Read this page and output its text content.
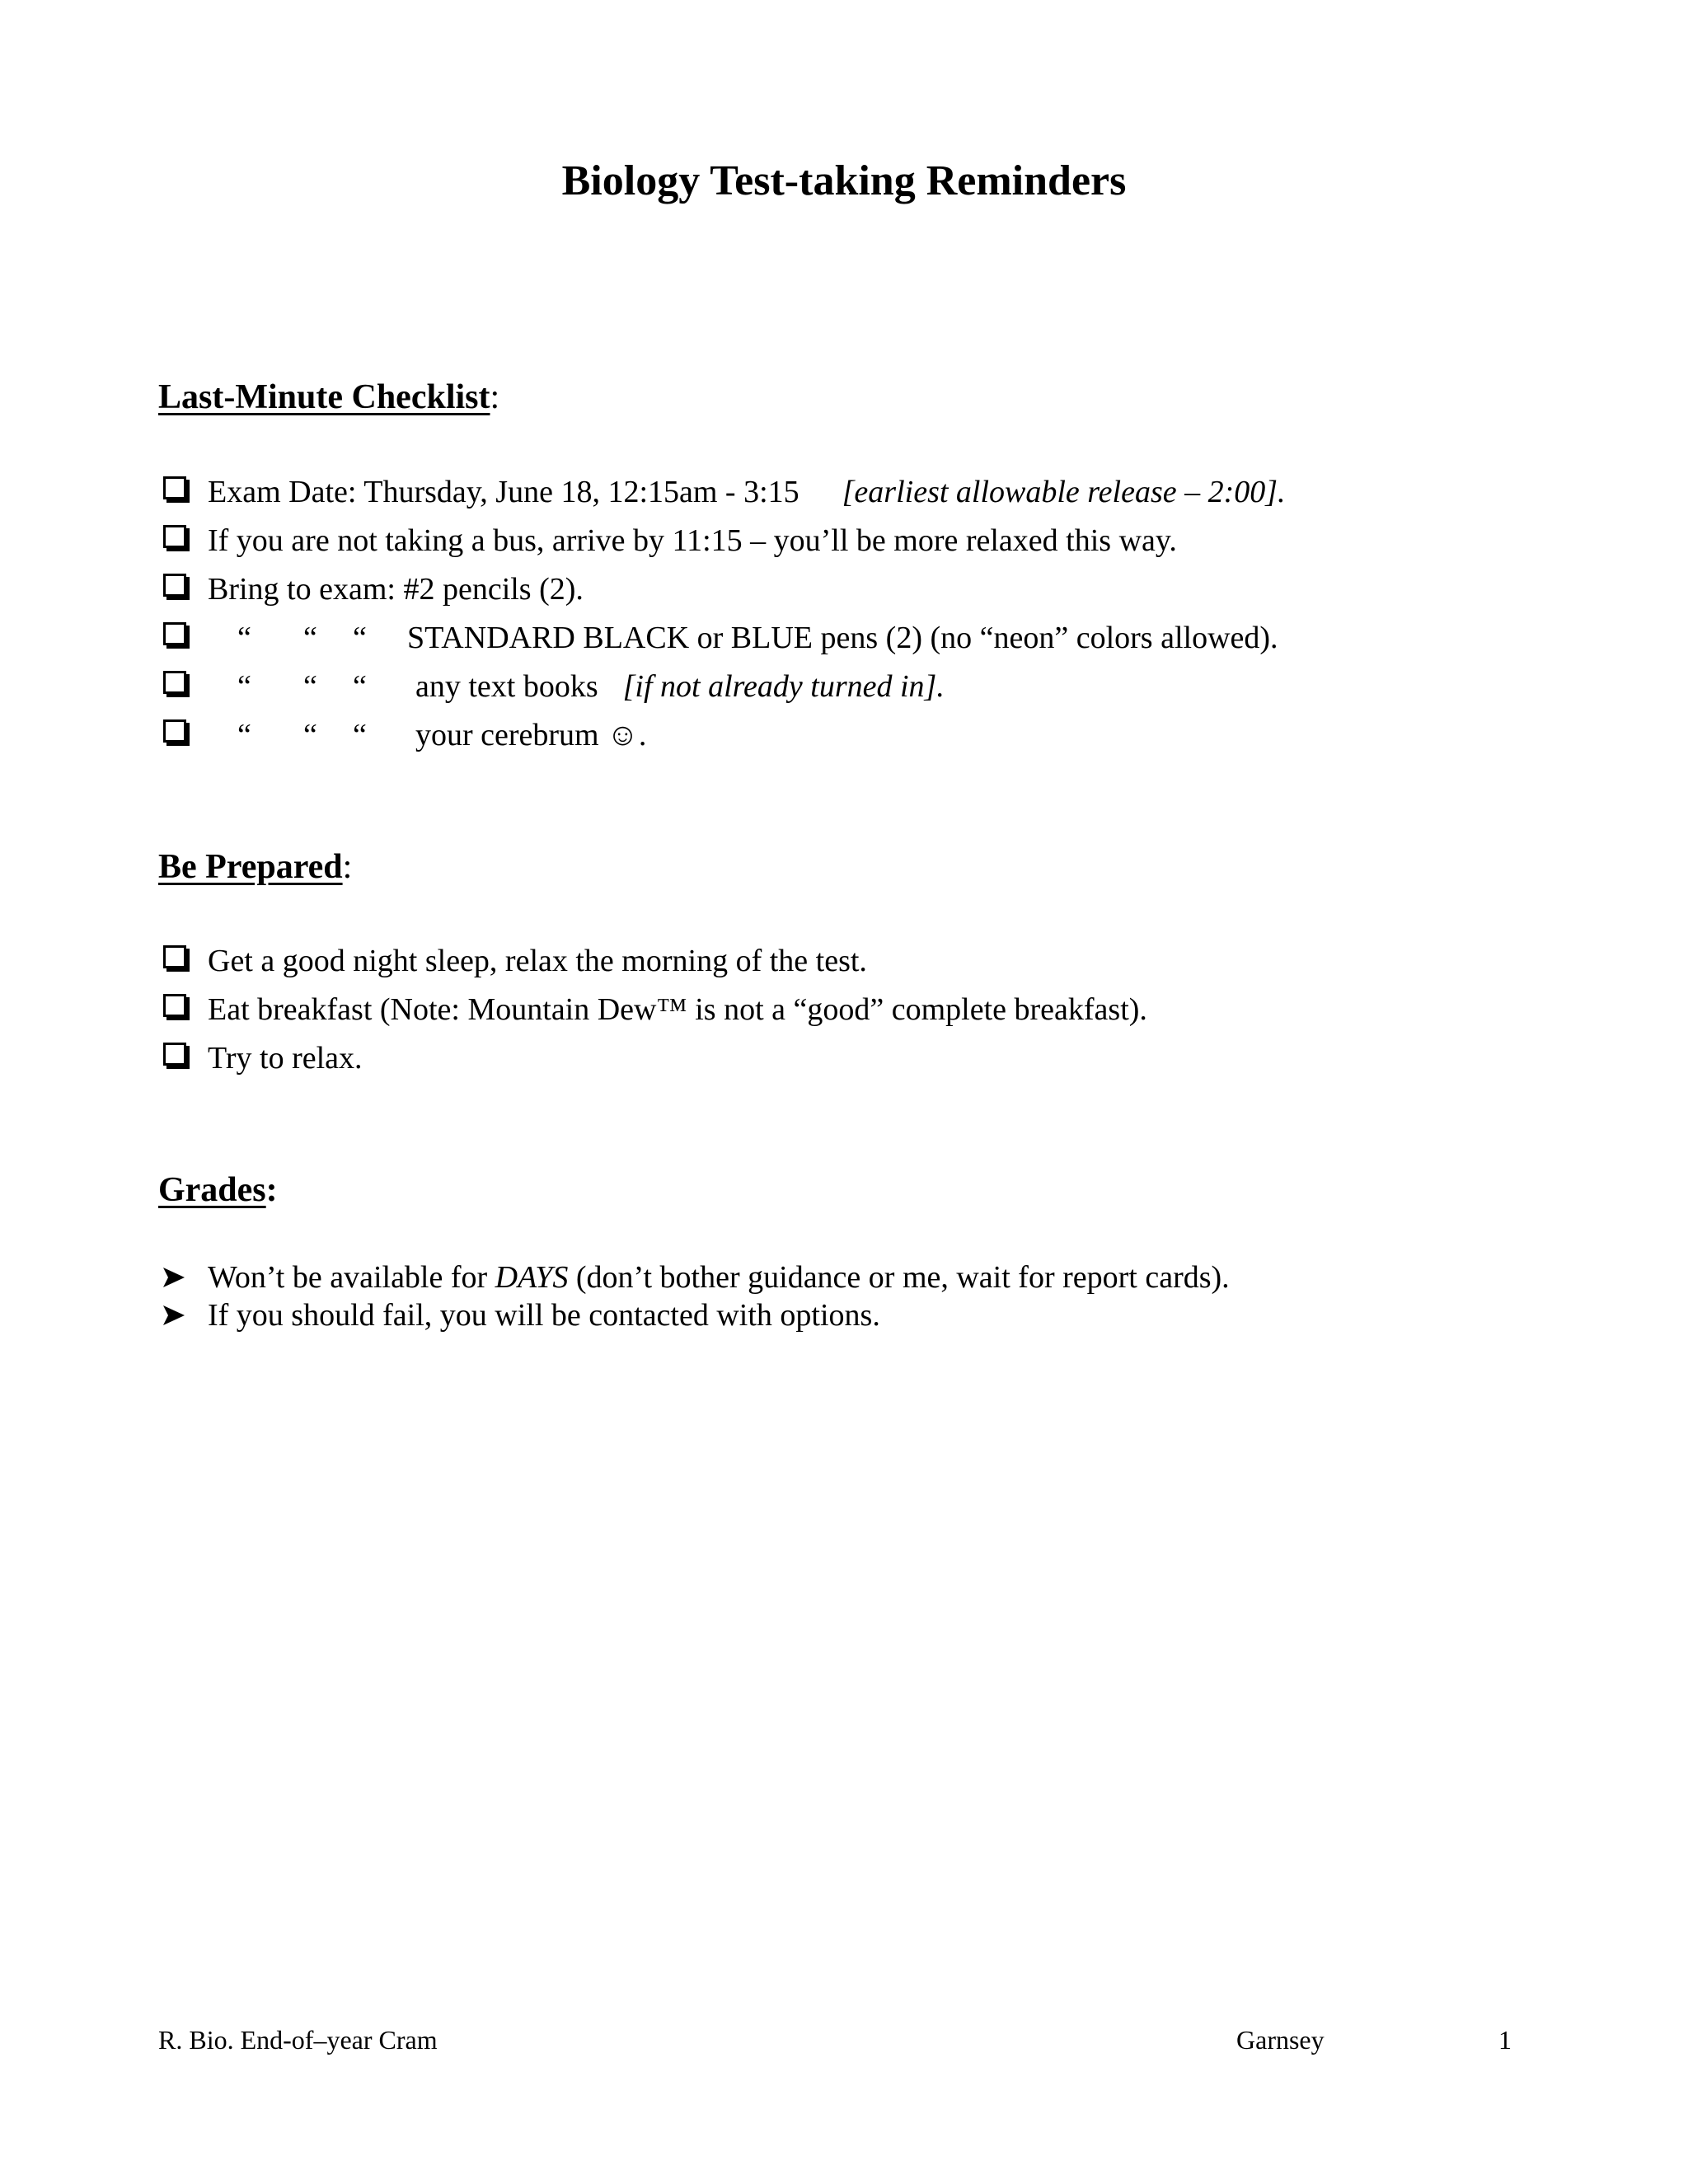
Biology Test-taking Reminders
Last-Minute Checklist:
Exam Date: Thursday, June 18, 12:15am - 3:15 [earliest allowable release – 2:00].
If you are not taking a bus, arrive by 11:15 – you’ll be more relaxed this way.
Bring to exam: #2 pencils (2).
“ “ “ STANDARD BLACK or BLUE pens (2) (no “neon” colors allowed).
“ “ “ any text books [if not already turned in].
“ “ “ your cerebrum ☺.
Be Prepared:
Get a good night sleep, relax the morning of the test.
Eat breakfast (Note: Mountain Dew™ is not a “good” complete breakfast).
Try to relax.
Grades:
Won’t be available for DAYS (don’t bother guidance or me, wait for report cards).
If you should fail, you will be contacted with options.
R. Bio. End-of–year Cram	Garnsey	1
